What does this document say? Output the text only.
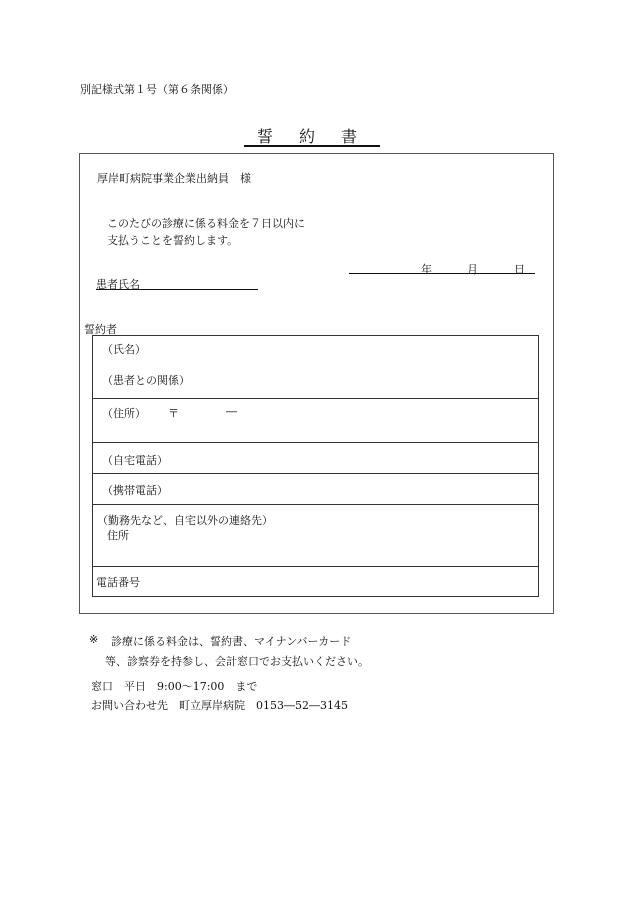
別記様式第１号（第６条関係）
誓 約 書
厚岸町病院事業企業出納員　様
このたびの診療に係る料金を７日以内に
支払うことを誓約します。
年	月	日
患者氏名
誓約者
（氏名）
（患者との関係）
（住所） 〒	―
（自宅電話）
（携帯電話）
（勤務先など、自宅以外の連絡先）
住所
電話番号
※ 診療に係る料金は、誓約書、マイナンバーカード
等、診察券を持参し、会計窓口でお支払いください。
窓口　平日　9:00～17:00　まで
お問い合わせ先　町立厚岸病院　0153―52―3145
